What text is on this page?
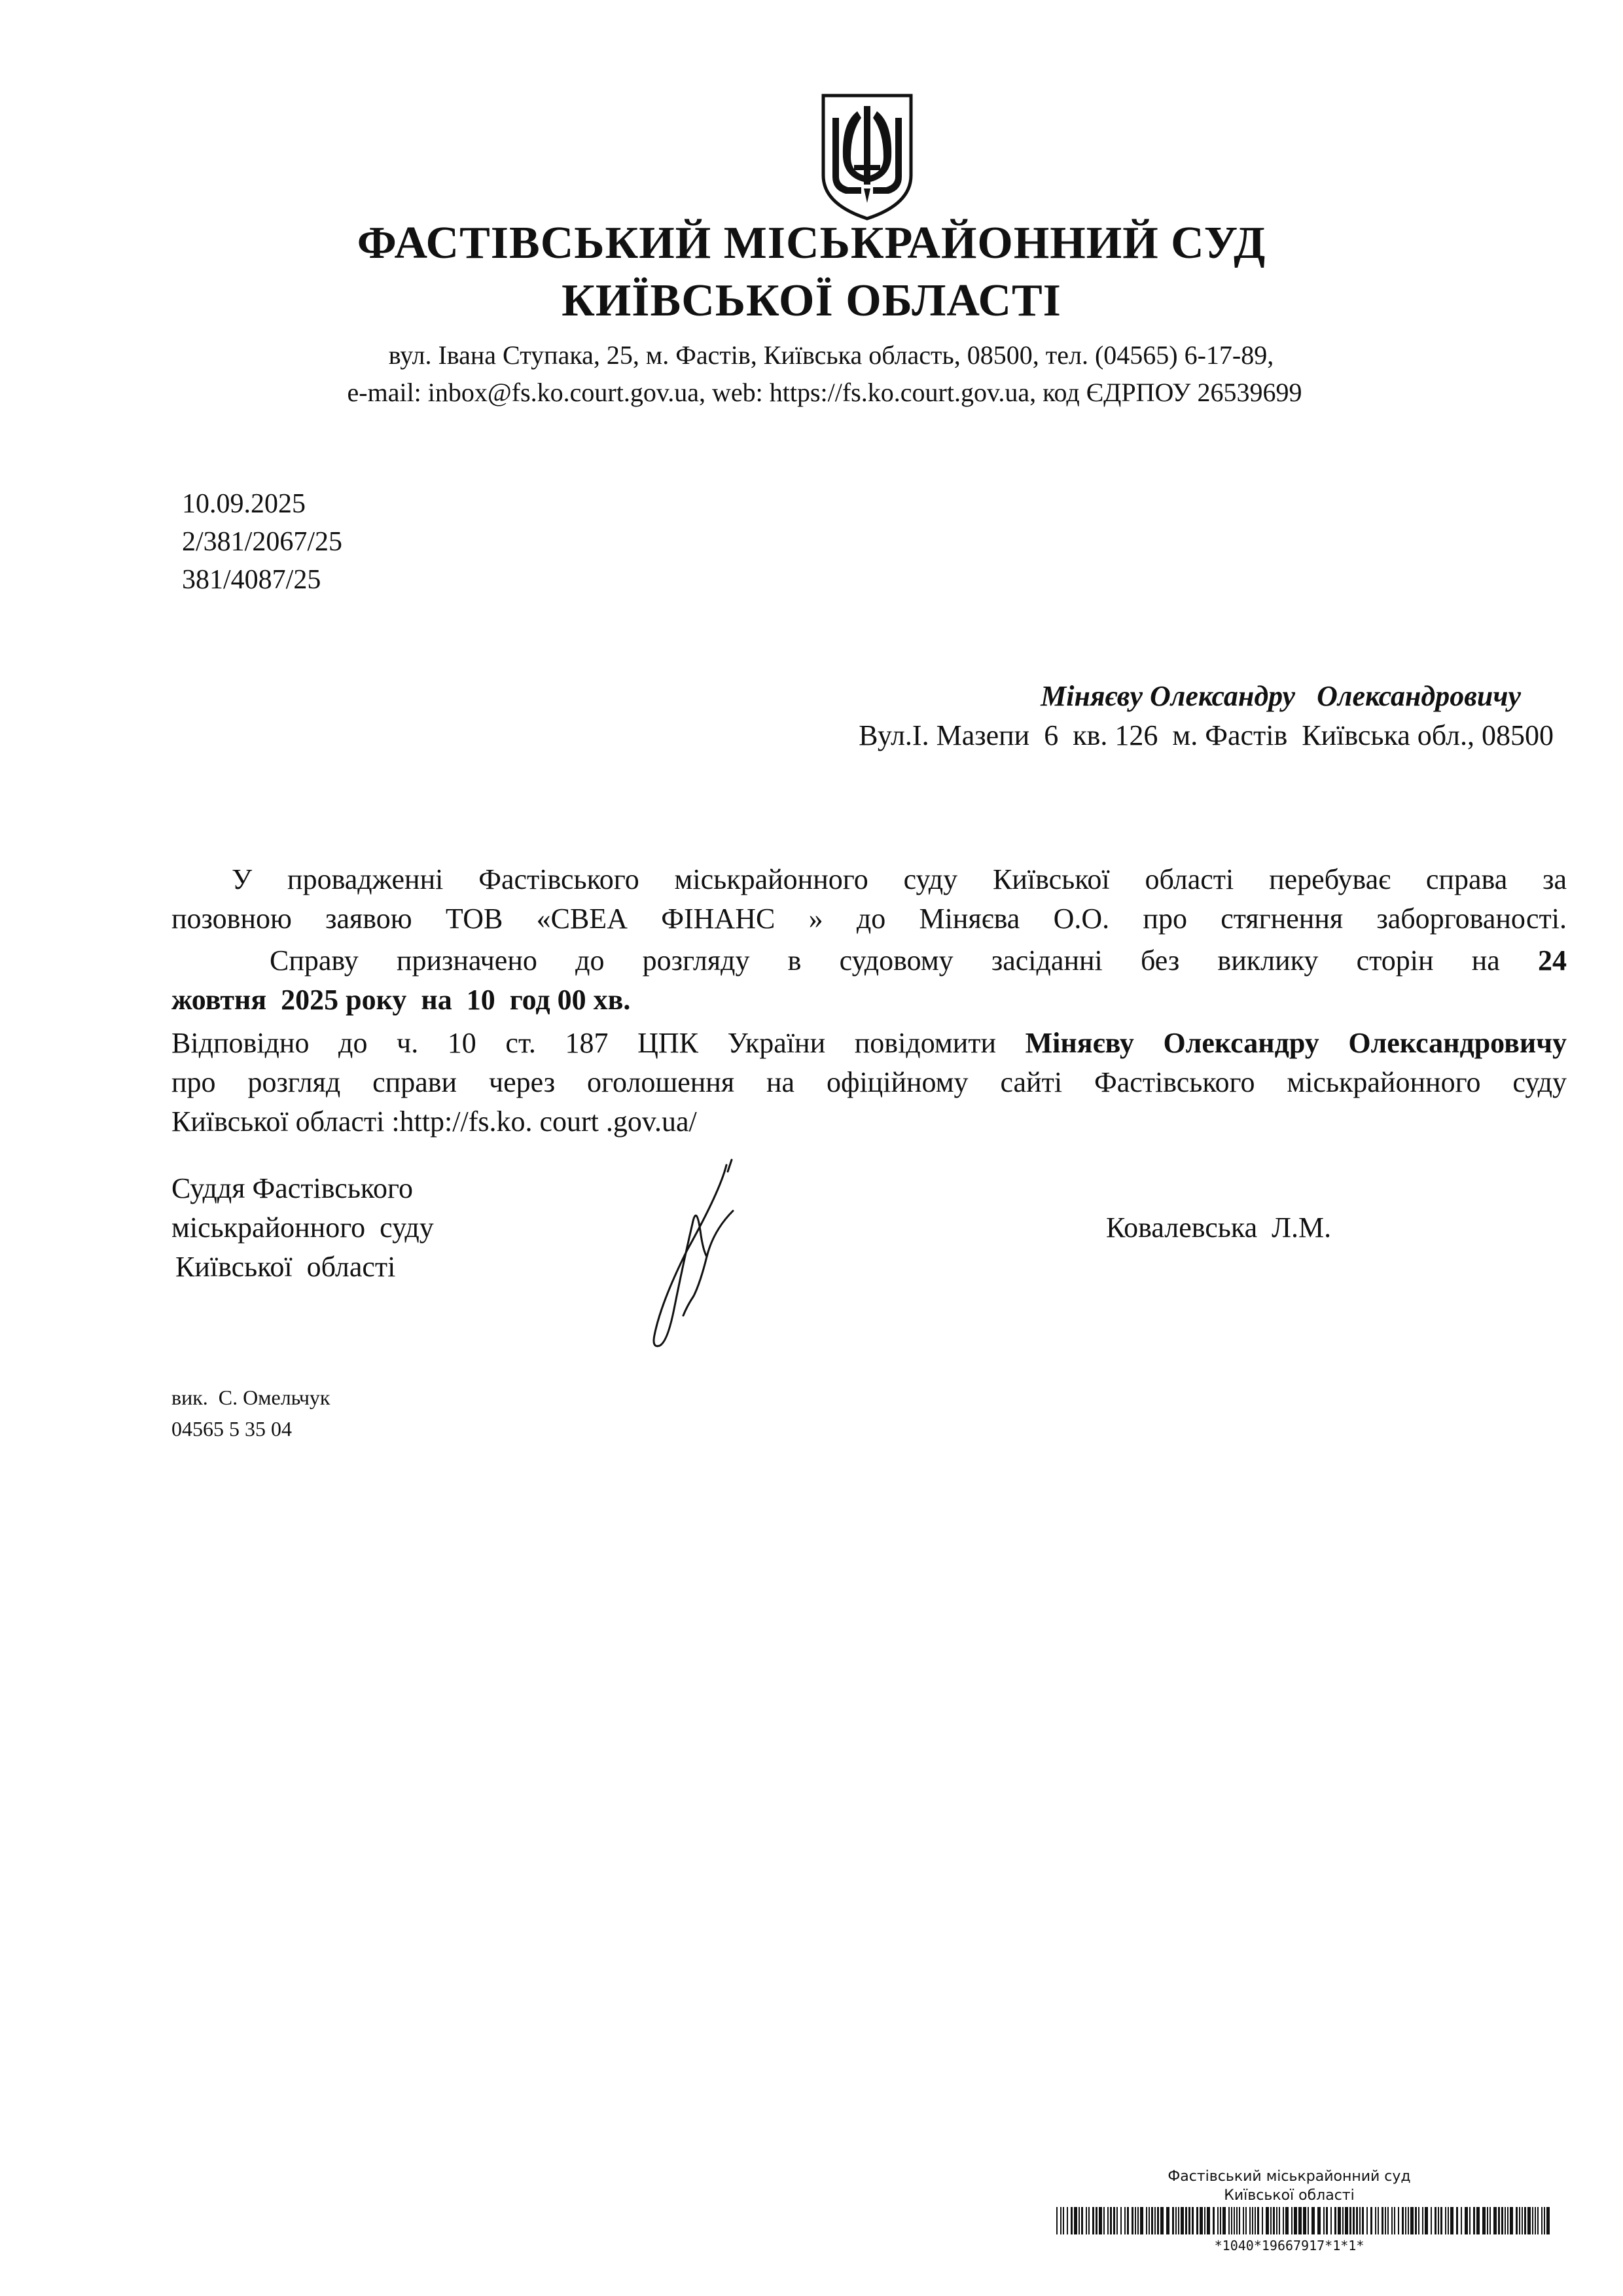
ФАСТІВСЬКИЙ МІСЬКРАЙОННИЙ СУД
КИЇВСЬКОЇ ОБЛАСТІ
вул. Івана Ступака, 25, м. Фастів, Київська область, 08500, тел. (04565) 6-17-89,
e-mail: inbox@fs.ko.court.gov.ua, web: https://fs.ko.court.gov.ua, код ЄДРПОУ 26539699
10.09.2025
2/381/2067/25
381/4087/25
Міняєву Олександру   Олександровичу
Вул.І. Мазепи  6  кв. 126  м. Фастів  Київська обл., 08500
У провадженні Фастівського міськрайонного суду Київської області перебуває справа за
позовною заявою ТОВ «СВЕА ФІНАНС » до Міняєва О.О. про стягнення заборгованості.
Справу призначено до розгляду в судовому засіданні без виклику сторін на 24
жовтня  2025 року  на  10  год 00 хв.
Відповідно до ч. 10 ст. 187 ЦПК України повідомити Міняєву Олександру Олександровичу
про розгляд справи через оголошення на офіційному сайті Фастівського міськрайонного суду
Київської області :http://fs.ko. court .gov.ua/
Суддя Фастівського
міськрайонного  суду
Київської  області
Ковалевська  Л.М.
вик.  С. Омельчук
04565 5 35 04
Фастівський міськрайонний суд
Київської області
*1040*19667917*1*1*
